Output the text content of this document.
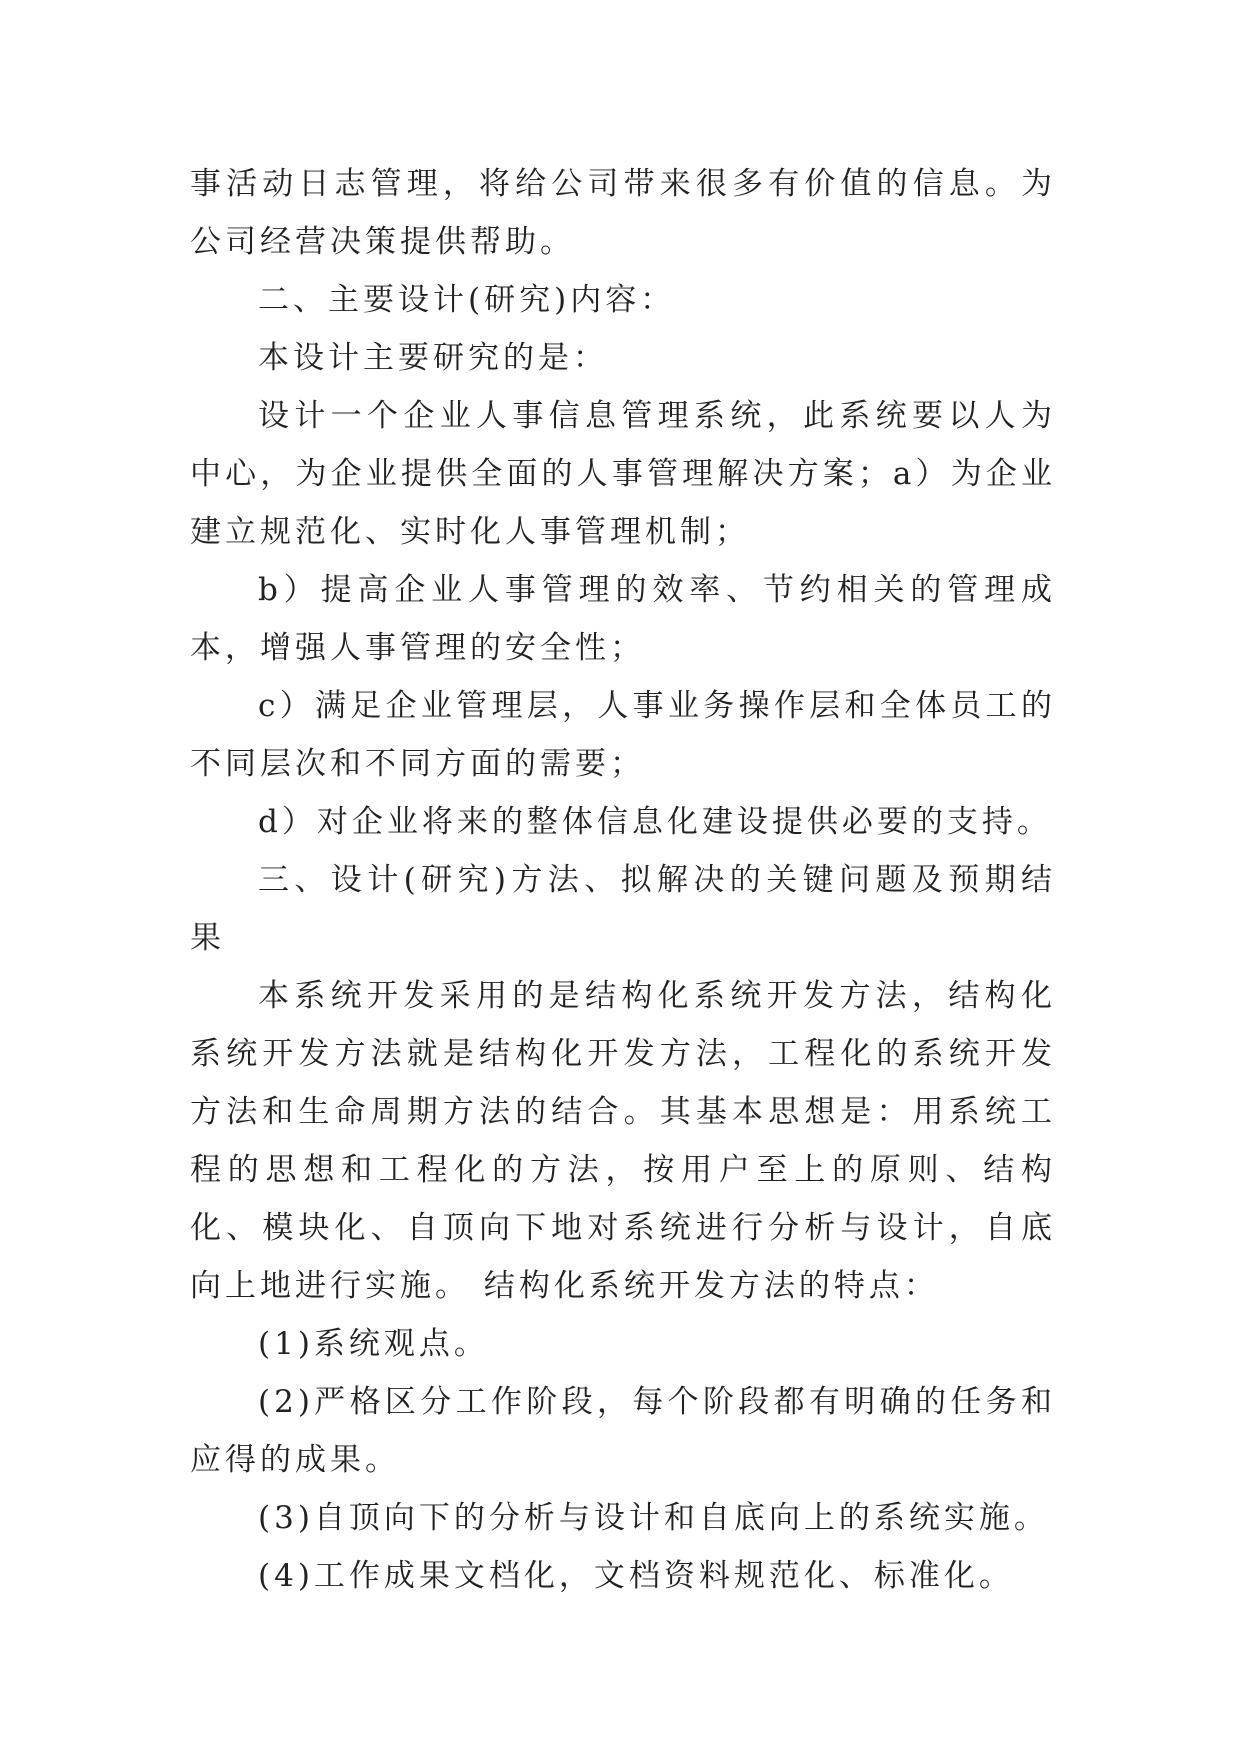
事活动日志管理，将给公司带来很多有价值的信息。为公司经营决策提供帮助。

二、主要设计(研究)内容：

本设计主要研究的是：

设计一个企业人事信息管理系统，此系统要以人为中心，为企业提供全面的人事管理解决方案；a）为企业建立规范化、实时化人事管理机制；

b）提高企业人事管理的效率、节约相关的管理成本，增强人事管理的安全性；

c）满足企业管理层，人事业务操作层和全体员工的不同层次和不同方面的需要；

d）对企业将来的整体信息化建设提供必要的支持。

三、设计(研究)方法、拟解决的关键问题及预期结果

本系统开发采用的是结构化系统开发方法，结构化系统开发方法就是结构化开发方法，工程化的系统开发方法和生命周期方法的结合。其基本思想是：用系统工程的思想和工程化的方法，按用户至上的原则、结构化、模块化、自顶向下地对系统进行分析与设计，自底向上地进行实施。 结构化系统开发方法的特点：

(1)系统观点。

(2)严格区分工作阶段，每个阶段都有明确的任务和应得的成果。

(3)自顶向下的分析与设计和自底向上的系统实施。

(4)工作成果文档化，文档资料规范化、标准化。
